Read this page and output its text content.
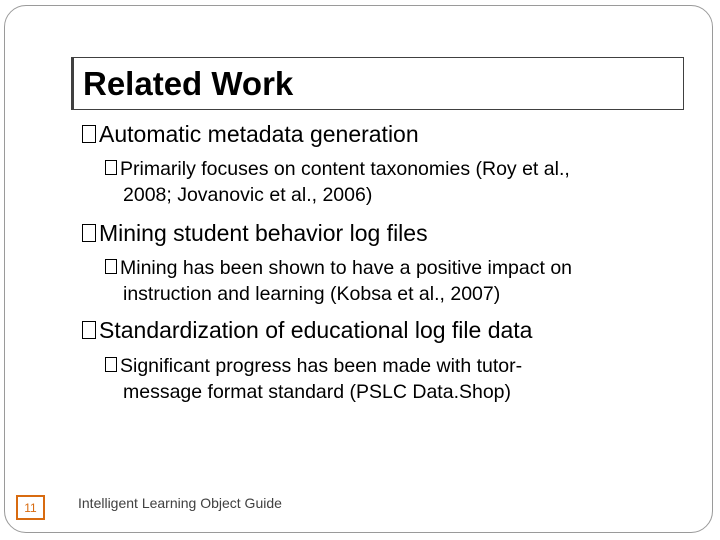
Related Work
Automatic metadata generation
Primarily focuses on content taxonomies (Roy et al.,
2008; Jovanovic et al., 2006)
Mining student behavior log files
Mining has been shown to have a positive impact on
instruction and learning (Kobsa et al., 2007)
Standardization of educational log file data
Significant progress has been made with tutor-
message format standard (PSLC Data.Shop)
11	Intelligent Learning Object Guide
